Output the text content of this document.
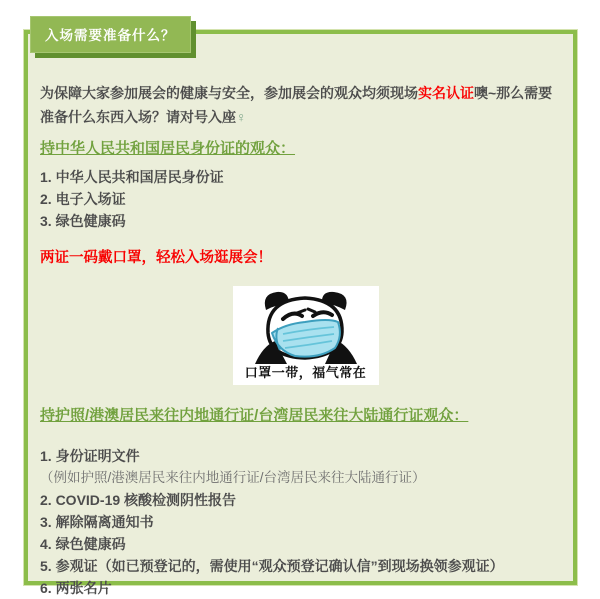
为保障大家参加展会的健康与安全，参加展会的观众均须现场实名认证噢~那么需要准备什么东西入场？请对号入座♀

持中华人民共和国居民身份证的观众：
1. 中华人民共和国居民身份证
2. 电子入场证
3. 绿色健康码

两证一码戴口罩，轻松入场逛展会！

口罩一带，福气常在
持护照/港澳居民来往内地通行证/台湾居民来往大陆通行证观众：
1. 身份证明文件
（例如护照/港澳居民来往内地通行证/台湾居民来往大陆通行证）
2. COVID-19 核酸检测阴性报告
3. 解除隔离通知书
4. 绿色健康码
5. 参观证（如已预登记的，需使用“观众预登记确认信”到现场换领参观证）
6. 两张名片
入场需要准备什么？
